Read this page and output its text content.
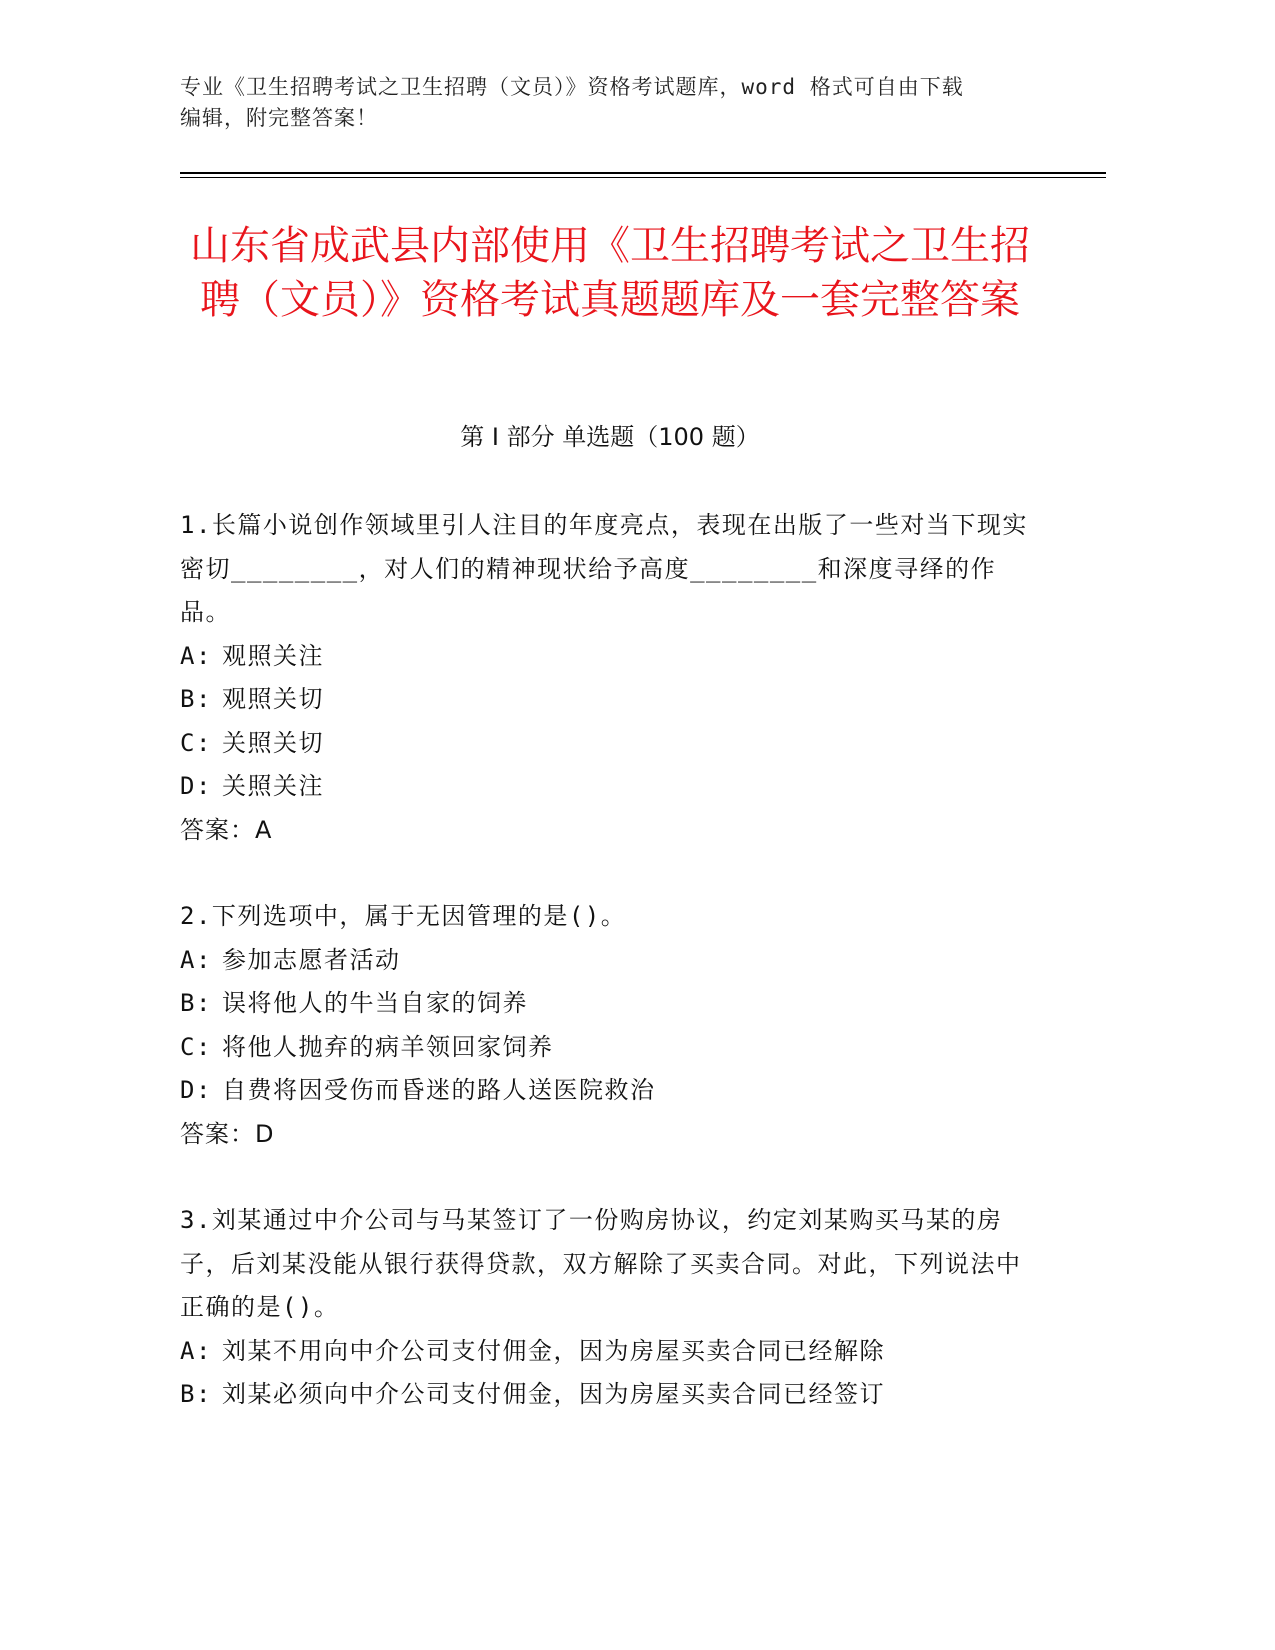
专业《卫生招聘考试之卫生招聘（文员）》资格考试题库，word 格式可自由下载
编辑，附完整答案！
山东省成武县内部使用《卫生招聘考试之卫生招聘（文员）》资格考试真题题库及一套完整答案
第 I 部分 单选题（100 题）

1.长篇小说创作领域里引人注目的年度亮点，表现在出版了一些对当下现实密切________，对人们的精神现状给予高度________和深度寻绎的作品。

A: 观照关注

B: 观照关切

C: 关照关切

D: 关照关注

答案：A

2.下列选项中，属于无因管理的是()。

A: 参加志愿者活动

B: 误将他人的牛当自家的饲养

C: 将他人抛弃的病羊领回家饲养

D: 自费将因受伤而昏迷的路人送医院救治

答案：D

3.刘某通过中介公司与马某签订了一份购房协议，约定刘某购买马某的房子，后刘某没能从银行获得贷款，双方解除了买卖合同。对此，下列说法中正确的是()。

A: 刘某不用向中介公司支付佣金，因为房屋买卖合同已经解除

B: 刘某必须向中介公司支付佣金，因为房屋买卖合同已经签订
